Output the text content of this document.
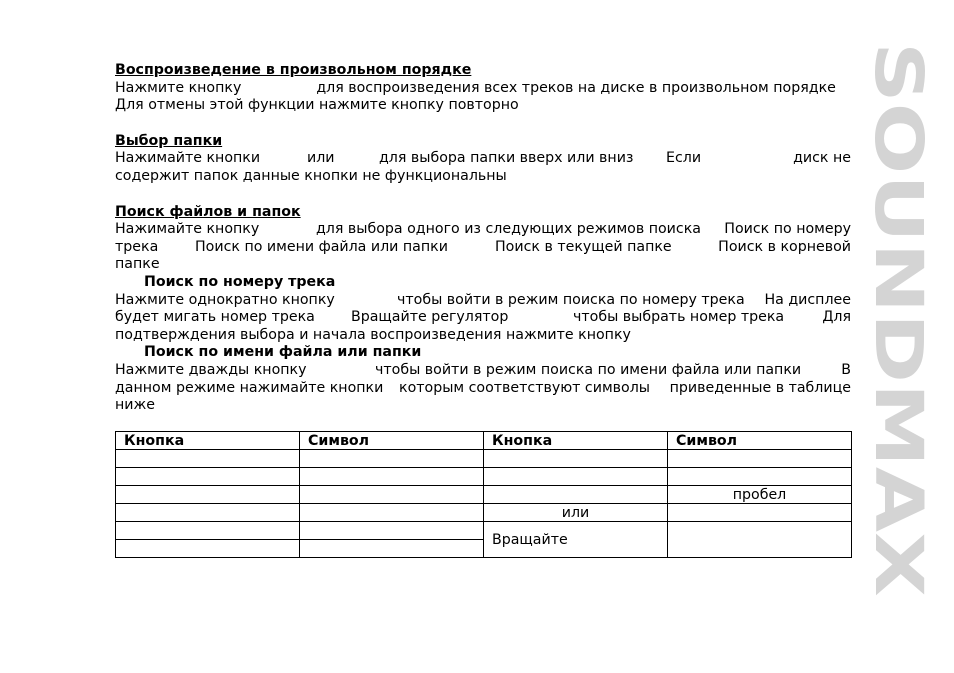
SOUNDMAX
Воспроизведение в произвольном порядке
Нажмите кнопку	для воспроизведения всех треков на диске в произвольном порядке
Для отмены этой функции нажмите кнопку повторно
Выбор папки
Нажимайте кнопки	или	для выбора папки вверх или вниз Если	диск не
содержит папок данные кнопки не функциональны
Поиск файлов и папок
Нажимайте кнопку	для выбора одного из следующих режимов поиска Поиск по номеру
трека	Поиск по имени файла или папки	Поиск в текущей папке	Поиск в корневой
папке
Поиск по номеру трека
Нажмите однократно кнопку	чтобы войти в режим поиска по номеру трека На дисплее
будет мигать номер трека	Вращайте регулятор	чтобы выбрать номер трека	Для
подтверждения выбора и начала воспроизведения нажмите кнопку
Поиск по имени файла или папки
Нажмите дважды кнопку	чтобы войти в режим поиска по имени файла или папки	В
данном режиме нажимайте кнопки которым соответствуют символы приведенные в таблице
ниже
Кнопка	Символ	Кнопка	Символ

			пробел
		или	
		Вращайте	
